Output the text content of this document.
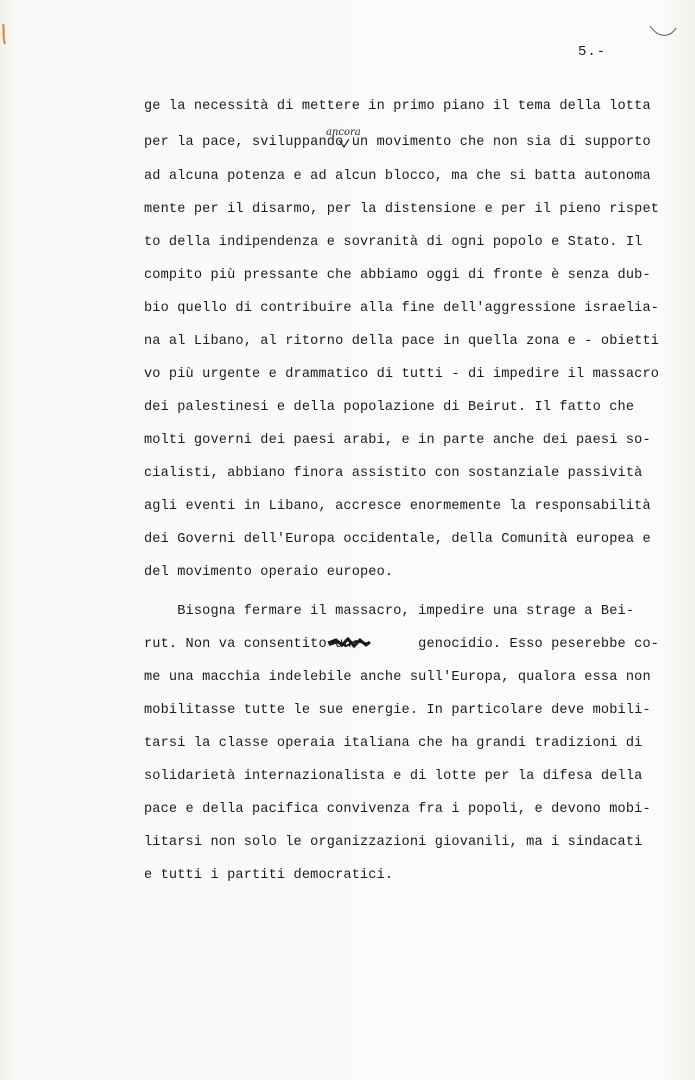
5.-
ancora
ge la necessità di mettere in primo piano il tema della lotta
per la pace, sviluppando un movimento che non sia di supporto
ad alcuna potenza e ad alcun blocco, ma che si batta autonoma
mente per il disarmo, per la distensione e per il pieno rispet
to della indipendenza e sovranità di ogni popolo e Stato. Il
compito più pressante che abbiamo oggi di fronte è senza dub-
bio quello di contribuire alla fine dell'aggressione israelia-
na al Libano, al ritorno della pace in quella zona e - obietti
vo più urgente e drammatico di tutti - di impedire il massacro
dei palestinesi e della popolazione di Beirut. Il fatto che
molti governi dei paesi arabi, e in parte anche dei paesi so-
cialisti, abbiano finora assistito con sostanziale passività
agli eventi in Libano, accresce enormemente la responsabilità
dei Governi dell'Europa occidentale, della Comunità europea e
del movimento operaio europeo.
Bisogna fermare il massacro, impedire una strage a Bei-
rut. Non va consentito un        genocidio. Esso peserebbe co-
me una macchia indelebile anche sull'Europa, qualora essa non
mobilitasse tutte le sue energie. In particolare deve mobili-
tarsi la classe operaia italiana che ha grandi tradizioni di
solidarietà internazionalista e di lotte per la difesa della
pace e della pacifica convivenza fra i popoli, e devono mobi-
litarsi non solo le organizzazioni giovanili, ma i sindacati
e tutti i partiti democratici.
